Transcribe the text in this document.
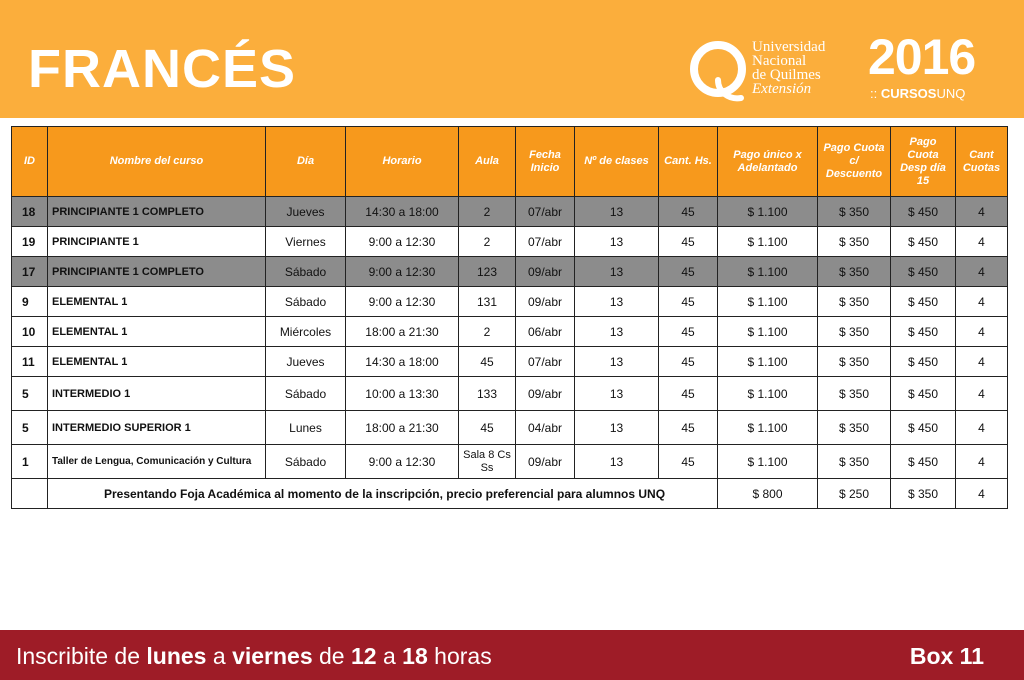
FRANCÉS	Universidad
Nacional
de Quilmes
Extensión
2016
:: CURSOSUNQ
ID	Nombre del curso	Día	Horario	Aula	Fecha Inicio	Nº de clases	Cant. Hs.	Pago único x Adelantado	Pago Cuota c/ Descuento	Pago Cuota Desp día 15	Cant Cuotas
18	PRINCIPIANTE 1 COMPLETO	Jueves	14:30 a 18:00	2	07/abr	13	45	$ 1.100	$ 350	$ 450	4
19	PRINCIPIANTE 1	Viernes	9:00 a 12:30	2	07/abr	13	45	$ 1.100	$ 350	$ 450	4
17	PRINCIPIANTE 1 COMPLETO	Sábado	9:00 a 12:30	123	09/abr	13	45	$ 1.100	$ 350	$ 450	4
9	ELEMENTAL 1	Sábado	9:00 a 12:30	131	09/abr	13	45	$ 1.100	$ 350	$ 450	4
10	ELEMENTAL 1	Miércoles	18:00 a 21:30	2	06/abr	13	45	$ 1.100	$ 350	$ 450	4
11	ELEMENTAL 1	Jueves	14:30 a 18:00	45	07/abr	13	45	$ 1.100	$ 350	$ 450	4
5	INTERMEDIO 1	Sábado	10:00 a 13:30	133	09/abr	13	45	$ 1.100	$ 350	$ 450	4
5	INTERMEDIO SUPERIOR 1	Lunes	18:00 a 21:30	45	04/abr	13	45	$ 1.100	$ 350	$ 450	4
1	Taller de Lengua, Comunicación y Cultura	Sábado	9:00 a 12:30	Sala 8 Cs Ss	09/abr	13	45	$ 1.100	$ 350	$ 450	4
	Presentando Foja Académica al momento de la inscripción, precio preferencial para alumnos UNQ							$ 800	$ 250	$ 350	4
Inscribite de lunes a viernes de 12 a 18 horas	Box 11
